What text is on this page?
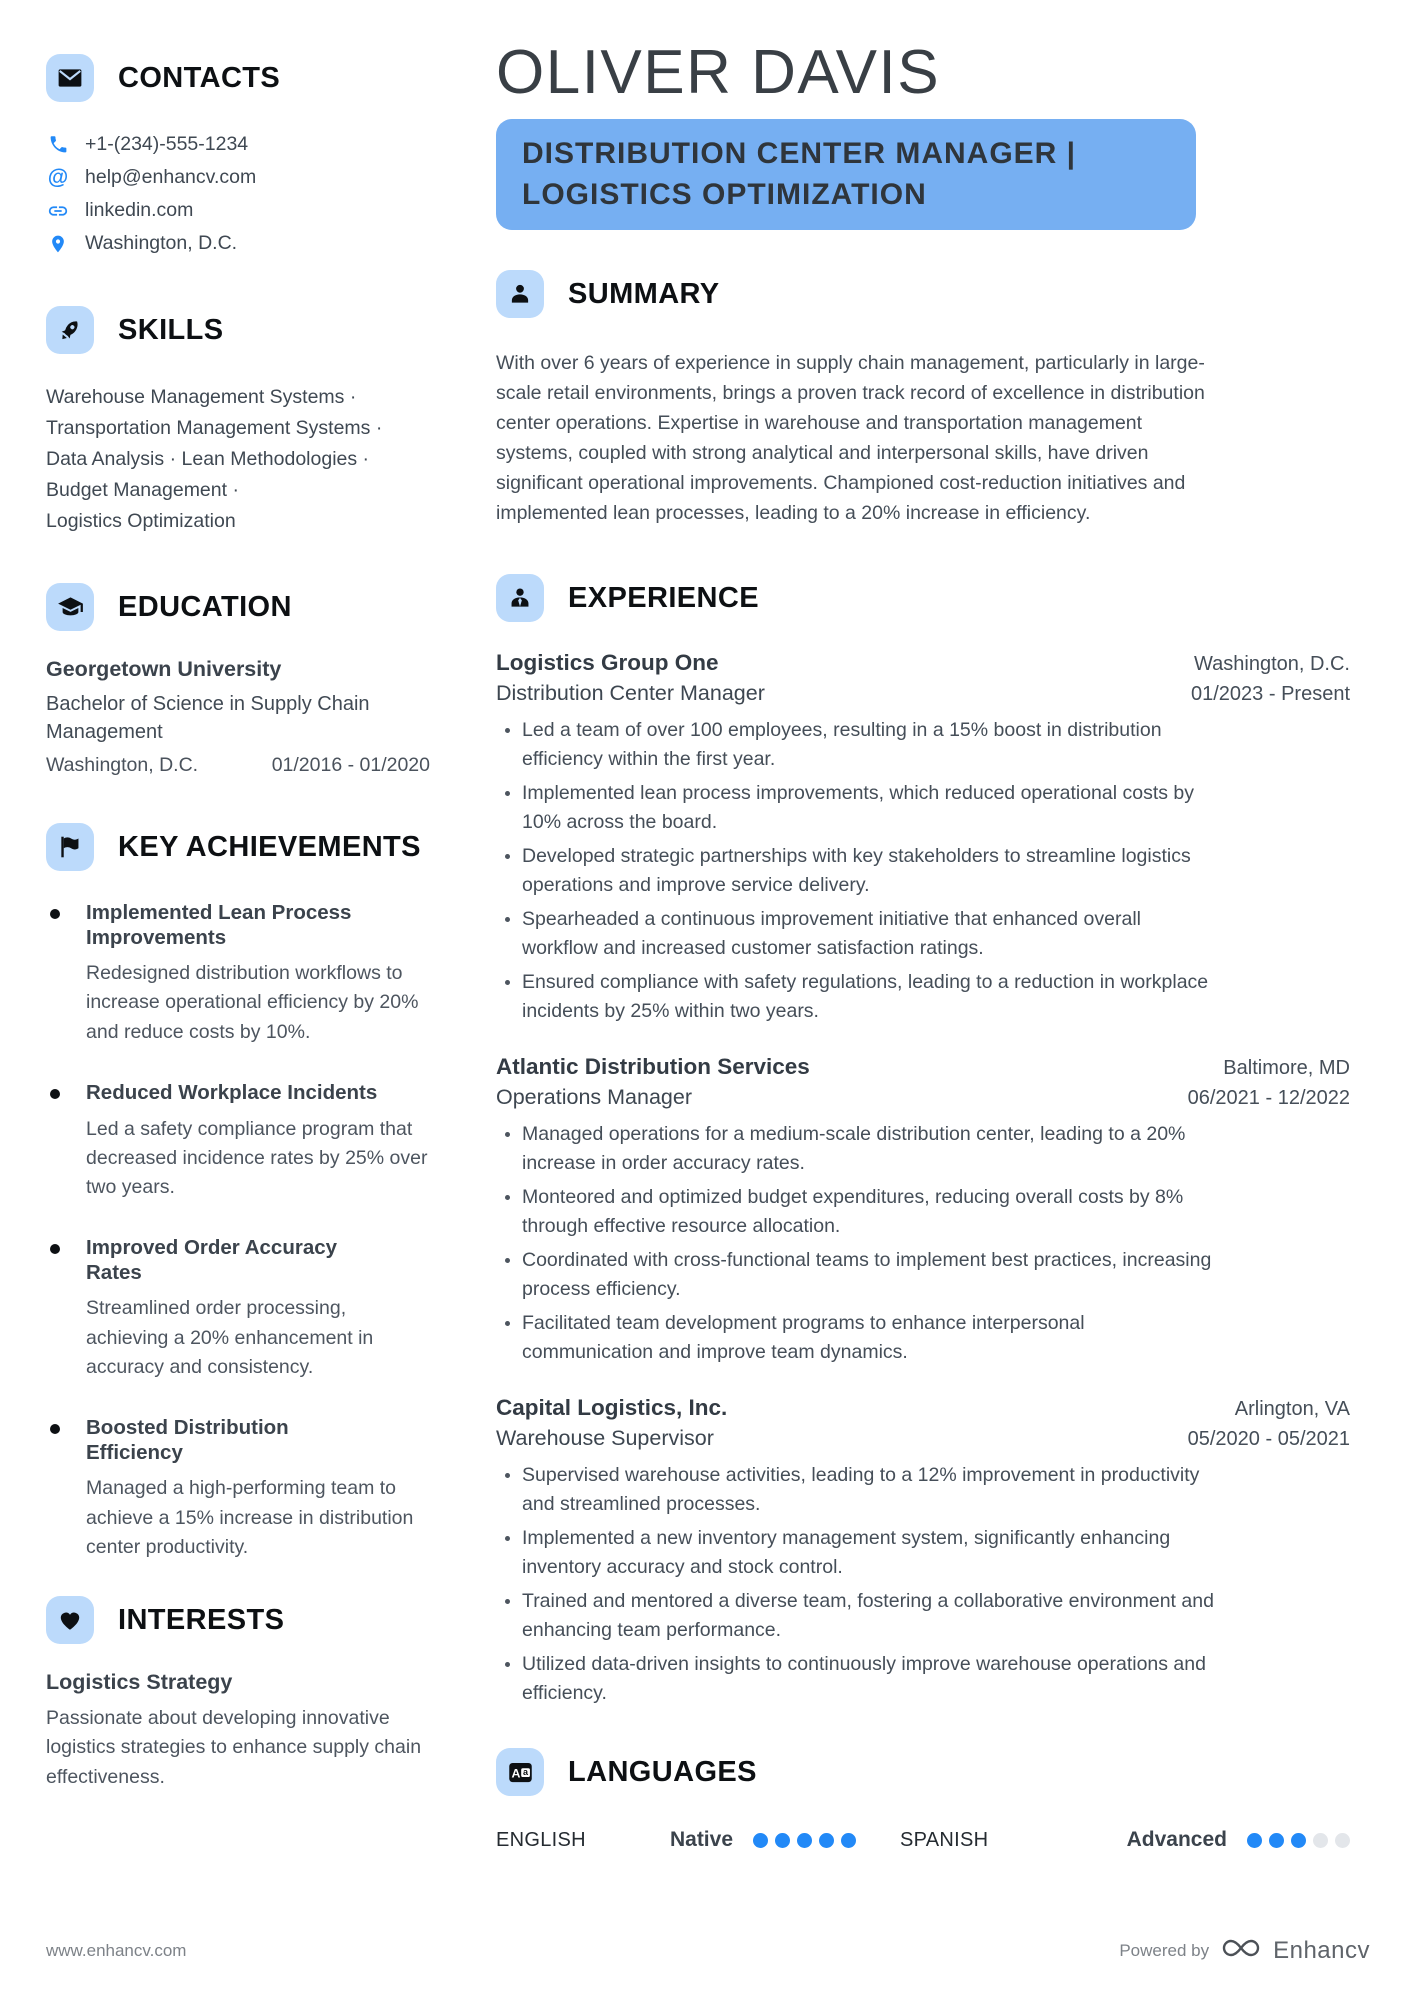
CONTACTS
+1-(234)-555-1234
@ help@enhancv.com
linkedin.com
Washington, D.C.
SKILLS

Warehouse Management Systems · Transportation Management Systems · Data Analysis · Lean Methodologies · Budget Management · Logistics Optimization

EDUCATION
Georgetown University
Bachelor of Science in Supply Chain Management
Washington, D.C.	01/2016 - 01/2020
KEY ACHIEVEMENTS
Implemented Lean Process Improvements
Redesigned distribution workflows to increase operational efficiency by 20% and reduce costs by 10%.
Reduced Workplace Incidents
Led a safety compliance program that decreased incidence rates by 25% over two years.
Improved Order Accuracy Rates
Streamlined order processing, achieving a 20% enhancement in accuracy and consistency.
Boosted Distribution Efficiency
Managed a high-performing team to achieve a 15% increase in distribution center productivity.
INTERESTS
Logistics Strategy
Passionate about developing innovative logistics strategies to enhance supply chain effectiveness.
OLIVER DAVIS
DISTRIBUTION CENTER MANAGER | LOGISTICS OPTIMIZATION
SUMMARY

With over 6 years of experience in supply chain management, particularly in large-scale retail environments, brings a proven track record of excellence in distribution center operations. Expertise in warehouse and transportation management systems, coupled with strong analytical and interpersonal skills, have driven significant operational improvements. Championed cost-reduction initiatives and implemented lean processes, leading to a 20% increase in efficiency.

EXPERIENCE
Logistics Group One	Washington, D.C.
Distribution Center Manager	01/2023 - Present
Led a team of over 100 employees, resulting in a 15% boost in distribution efficiency within the first year.
Implemented lean process improvements, which reduced operational costs by 10% across the board.
Developed strategic partnerships with key stakeholders to streamline logistics operations and improve service delivery.
Spearheaded a continuous improvement initiative that enhanced overall workflow and increased customer satisfaction ratings.
Ensured compliance with safety regulations, leading to a reduction in workplace incidents by 25% within two years.
Atlantic Distribution Services	Baltimore, MD
Operations Manager	06/2021 - 12/2022
Managed operations for a medium-scale distribution center, leading to a 20% increase in order accuracy rates.
Monteored and optimized budget expenditures, reducing overall costs by 8% through effective resource allocation.
Coordinated with cross-functional teams to implement best practices, increasing process efficiency.
Facilitated team development programs to enhance interpersonal communication and improve team dynamics.
Capital Logistics, Inc.	Arlington, VA
Warehouse Supervisor	05/2020 - 05/2021
Supervised warehouse activities, leading to a 12% improvement in productivity and streamlined processes.
Implemented a new inventory management system, significantly enhancing inventory accuracy and stock control.
Trained and mentored a diverse team, fostering a collaborative environment and enhancing team performance.
Utilized data-driven insights to continuously improve warehouse operations and efficiency.
A a LANGUAGES
ENGLISH	Native	SPANISH	Advanced
www.enhancv.com	Powered by	Enhancv
